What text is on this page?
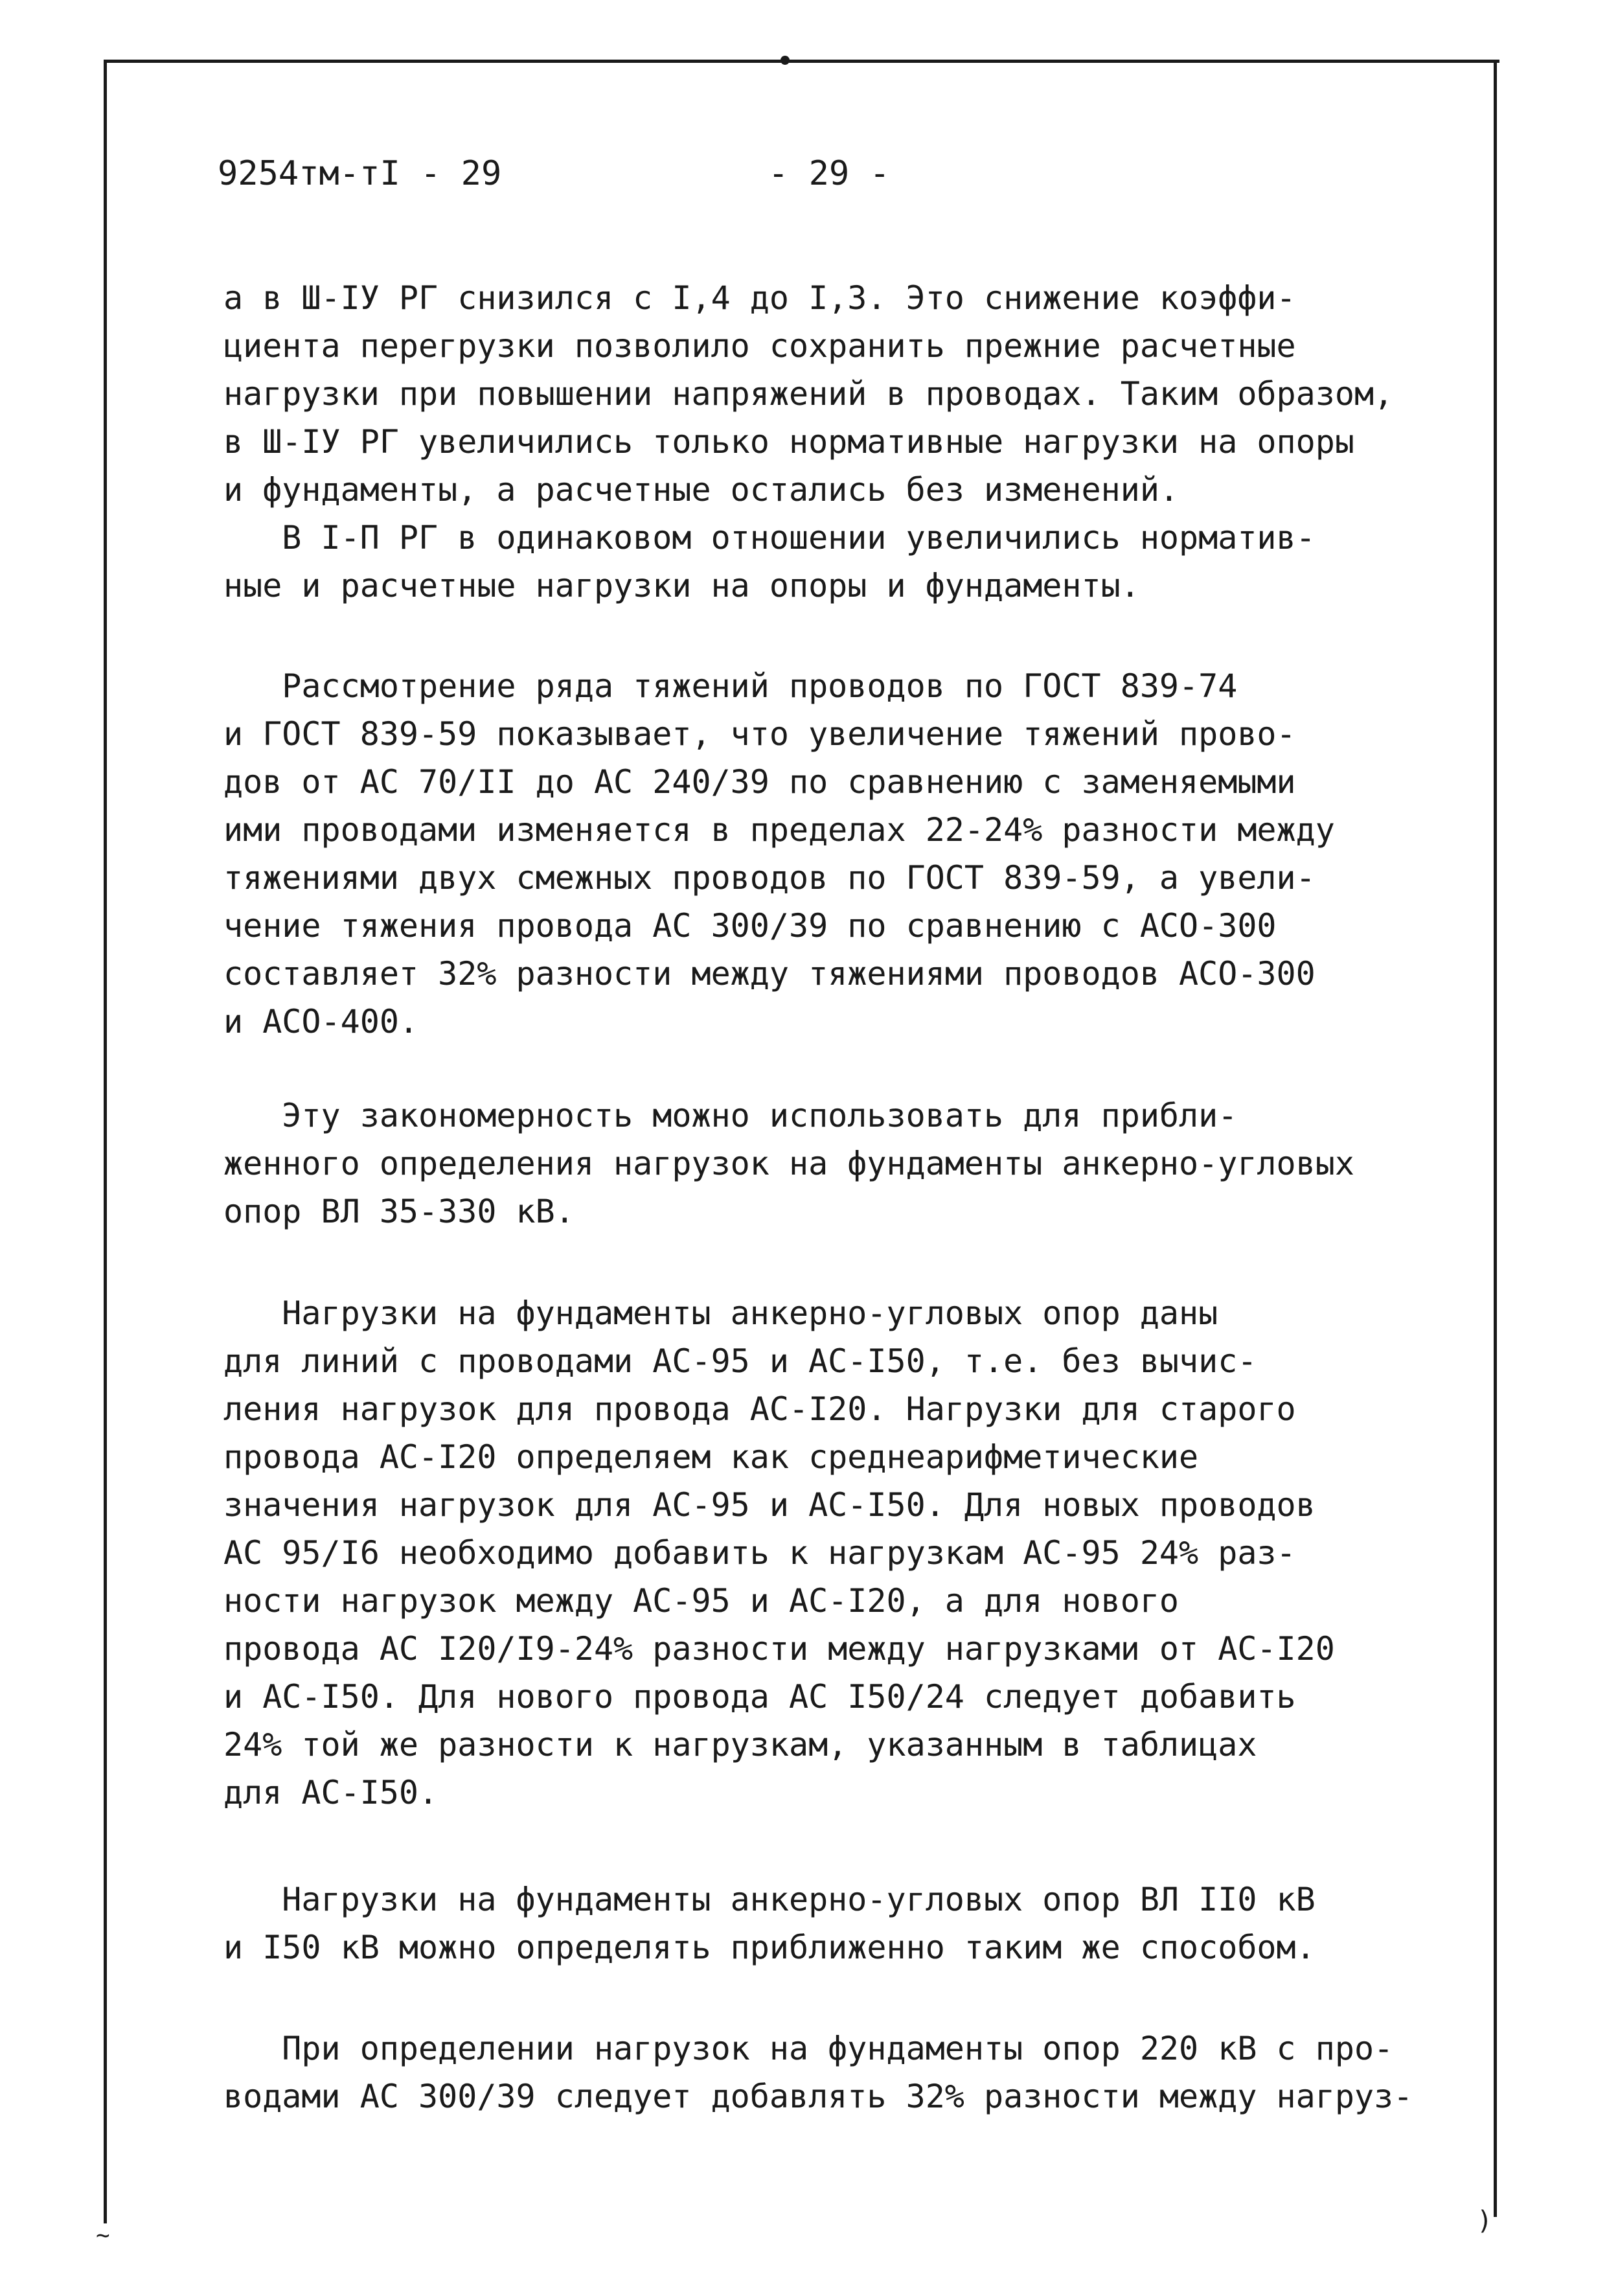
9254тм-тI - 29	- 29 -
а в Ш-IУ РГ снизился с I,4 до I,3. Это снижение коэффи-
циента перегрузки позволило сохранить прежние расчетные
нагрузки при повышении напряжений в проводах. Таким образом,
в Ш-IУ РГ увеличились только нормативные нагрузки на опоры
и фундаменты, а расчетные остались без изменений.
В I-П РГ в одинаковом отношении увеличились норматив-
ные и расчетные нагрузки на опоры и фундаменты.
Рассмотрение ряда тяжений проводов по ГОСТ 839-74
и ГОСТ 839-59 показывает, что увеличение тяжений прово-
дов от АС 70/II до АС 240/39 по сравнению с заменяемыми
ими проводами изменяется в пределах 22-24% разности между
тяжениями двух смежных проводов по ГОСТ 839-59, а увели-
чение тяжения провода АС 300/39 по сравнению с АСО-300
составляет 32% разности между тяжениями проводов АСО-300
и АСО-400.
Эту закономерность можно использовать для прибли-
женного определения нагрузок на фундаменты анкерно-угловых
опор ВЛ 35-330 кВ.
Нагрузки на фундаменты анкерно-угловых опор даны
для линий с проводами АС-95 и АС-I50, т.е. без вычис-
ления нагрузок для провода АС-I20. Нагрузки для старого
провода АС-I20 определяем как среднеарифметические
значения нагрузок для АС-95 и АС-I50. Для новых проводов
АС 95/I6 необходимо добавить к нагрузкам АС-95 24% раз-
ности нагрузок между АС-95 и АС-I20, а для нового
провода АС I20/I9-24% разности между нагрузками от АС-I20
и АС-I50. Для нового провода АС I50/24 следует добавить
24% той же разности к нагрузкам, указанным в таблицах
для АС-I50.
Нагрузки на фундаменты анкерно-угловых опор ВЛ II0 кВ
и I50 кВ можно определять приближенно таким же способом.
При определении нагрузок на фундаменты опор 220 кВ с про-
водами АС 300/39 следует добавлять 32% разности между нагруз-
~	)
